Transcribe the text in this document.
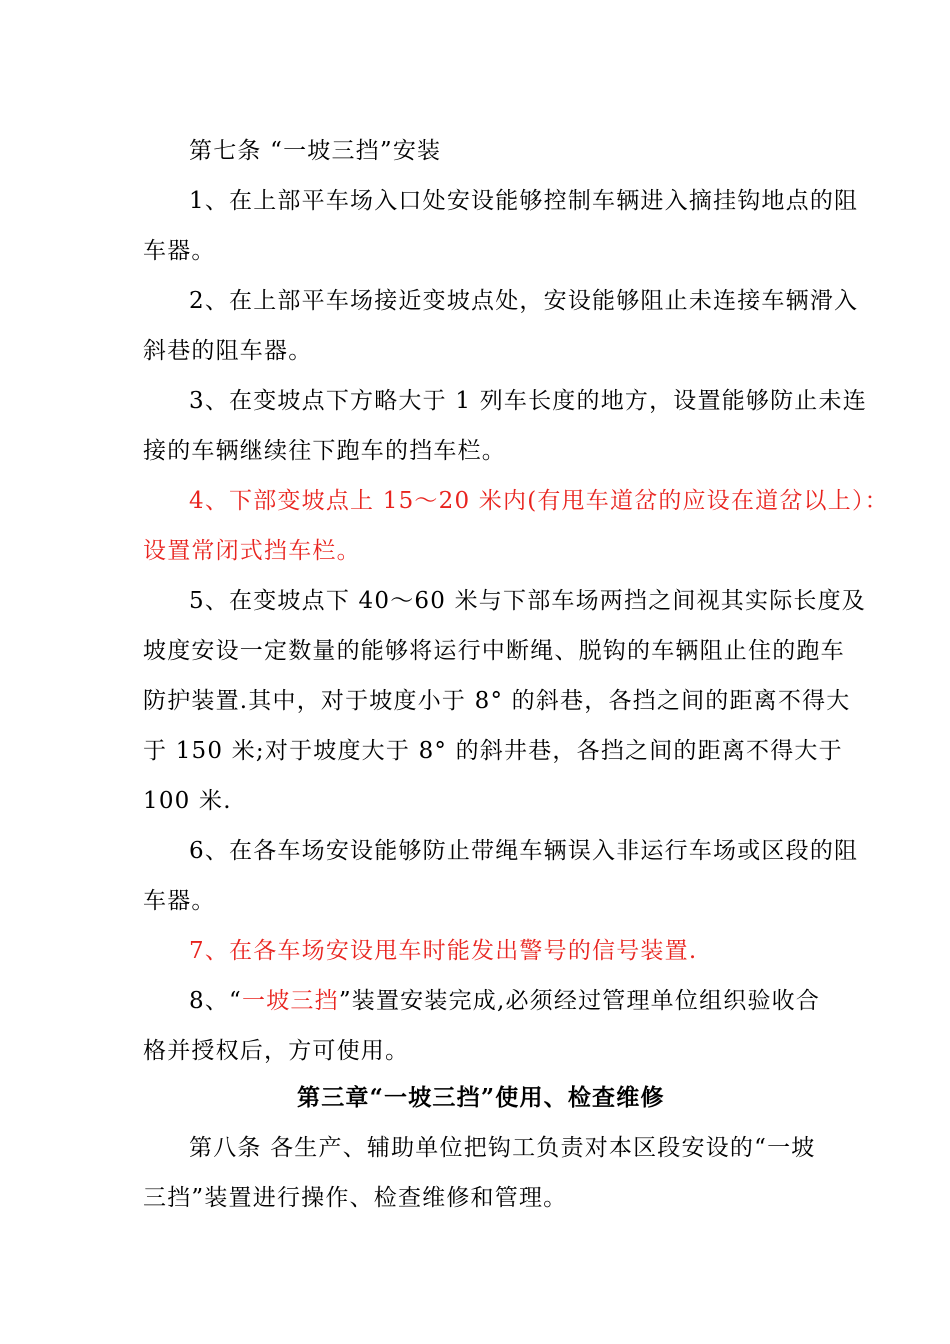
第七条 “一坡三挡”安装
1、在上部平车场入口处安设能够控制车辆进入摘挂钩地点的阻
车器。
2、在上部平车场接近变坡点处，安设能够阻止未连接车辆滑入
斜巷的阻车器。
3、在变坡点下方略大于 1 列车长度的地方，设置能够防止未连
接的车辆继续往下跑车的挡车栏。
4、下部变坡点上 15～20 米内(有甩车道岔的应设在道岔以上）：
设置常闭式挡车栏。
5、在变坡点下 40～60 米与下部车场两挡之间视其实际长度及
坡度安设一定数量的能够将运行中断绳、脱钩的车辆阻止住的跑车
防护装置.其中，对于坡度小于 8° 的斜巷，各挡之间的距离不得大
于 150 米;对于坡度大于 8° 的斜井巷，各挡之间的距离不得大于
100 米.
6、在各车场安设能够防止带绳车辆误入非运行车场或区段的阻
车器。
7、在各车场安设甩车时能发出警号的信号装置.
8、“一坡三挡”装置安装完成,必须经过管理单位组织验收合
格并授权后，方可使用。
第三章“一坡三挡”使用、检查维修
第八条 各生产、辅助单位把钩工负责对本区段安设的“一坡
三挡”装置进行操作、检查维修和管理。
